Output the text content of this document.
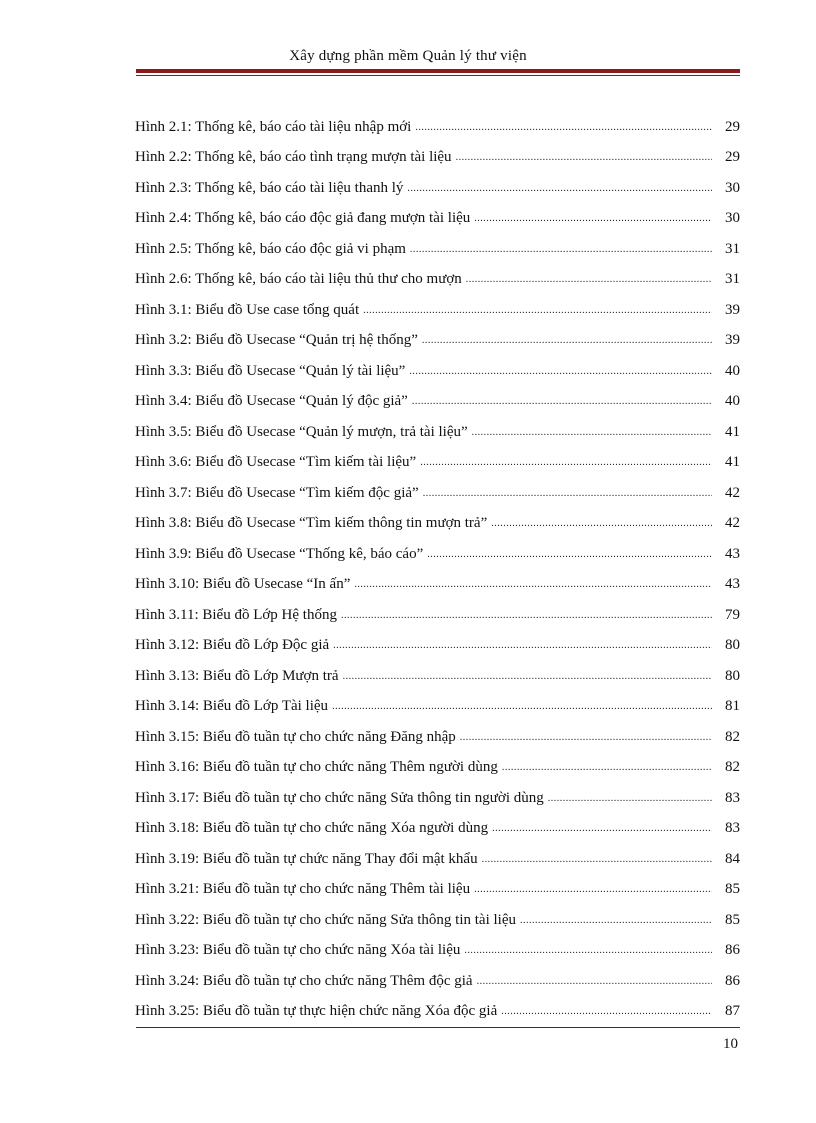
Xây dựng phần mềm Quản lý thư viện
Hình 2.1: Thống kê, báo cáo tài liệu nhập mới .....	29
Hình 2.2: Thống kê, báo cáo tình trạng mượn tài liệu .....	29
Hình 2.3: Thống kê, báo cáo tài liệu thanh lý .....	30
Hình 2.4: Thống kê, báo cáo độc giả đang mượn tài liệu .....	30
Hình 2.5: Thống kê, báo cáo độc giả vi phạm .....	31
Hình 2.6: Thống kê, báo cáo tài liệu thủ thư cho mượn .....	31
Hình 3.1: Biểu đồ Use case tổng quát .....	39
Hình 3.2: Biểu đồ Usecase “Quản trị hệ thống” .....	39
Hình 3.3: Biểu đồ Usecase “Quản lý tài liệu” .....	40
Hình 3.4: Biểu đồ Usecase “Quản lý độc giả” .....	40
Hình 3.5: Biểu đồ Usecase “Quản lý mượn, trả tài liệu” .....	41
Hình 3.6: Biểu đồ Usecase “Tìm kiếm tài liệu” .....	41
Hình 3.7: Biểu đồ Usecase “Tìm kiếm độc giả” .....	42
Hình 3.8: Biểu đồ Usecase “Tìm kiếm thông tin mượn trả” .....	42
Hình 3.9: Biểu đồ Usecase “Thống kê, báo cáo” .....	43
Hình 3.10: Biểu đồ Usecase “In ấn” .....	43
Hình 3.11: Biểu đồ Lớp Hệ thống .....	79
Hình 3.12: Biểu đồ Lớp Độc giả .....	80
Hình 3.13: Biểu đồ Lớp Mượn trả .....	80
Hình 3.14: Biểu đồ Lớp Tài liệu .....	81
Hình 3.15: Biểu đồ tuần tự cho chức năng Đăng nhập .....	82
Hình 3.16: Biểu đồ tuần tự cho chức năng Thêm người dùng .....	82
Hình 3.17: Biểu đồ tuần tự cho chức năng Sửa thông tin người dùng .....	83
Hình 3.18: Biểu đồ tuần tự cho chức năng Xóa người dùng .....	83
Hình 3.19: Biểu đồ tuần tự chức năng Thay đổi mật khẩu .....	84
Hình 3.21: Biểu đồ tuần tự cho chức năng Thêm tài liệu .....	85
Hình 3.22: Biểu đồ tuần tự cho chức năng Sửa thông tin tài liệu .....	85
Hình 3.23: Biểu đồ tuần tự cho chức năng Xóa tài liệu .....	86
Hình 3.24: Biểu đồ tuần tự cho chức năng Thêm độc giả .....	86
Hình 3.25: Biểu đồ tuần tự thực hiện chức năng Xóa độc giả .....	87
10
